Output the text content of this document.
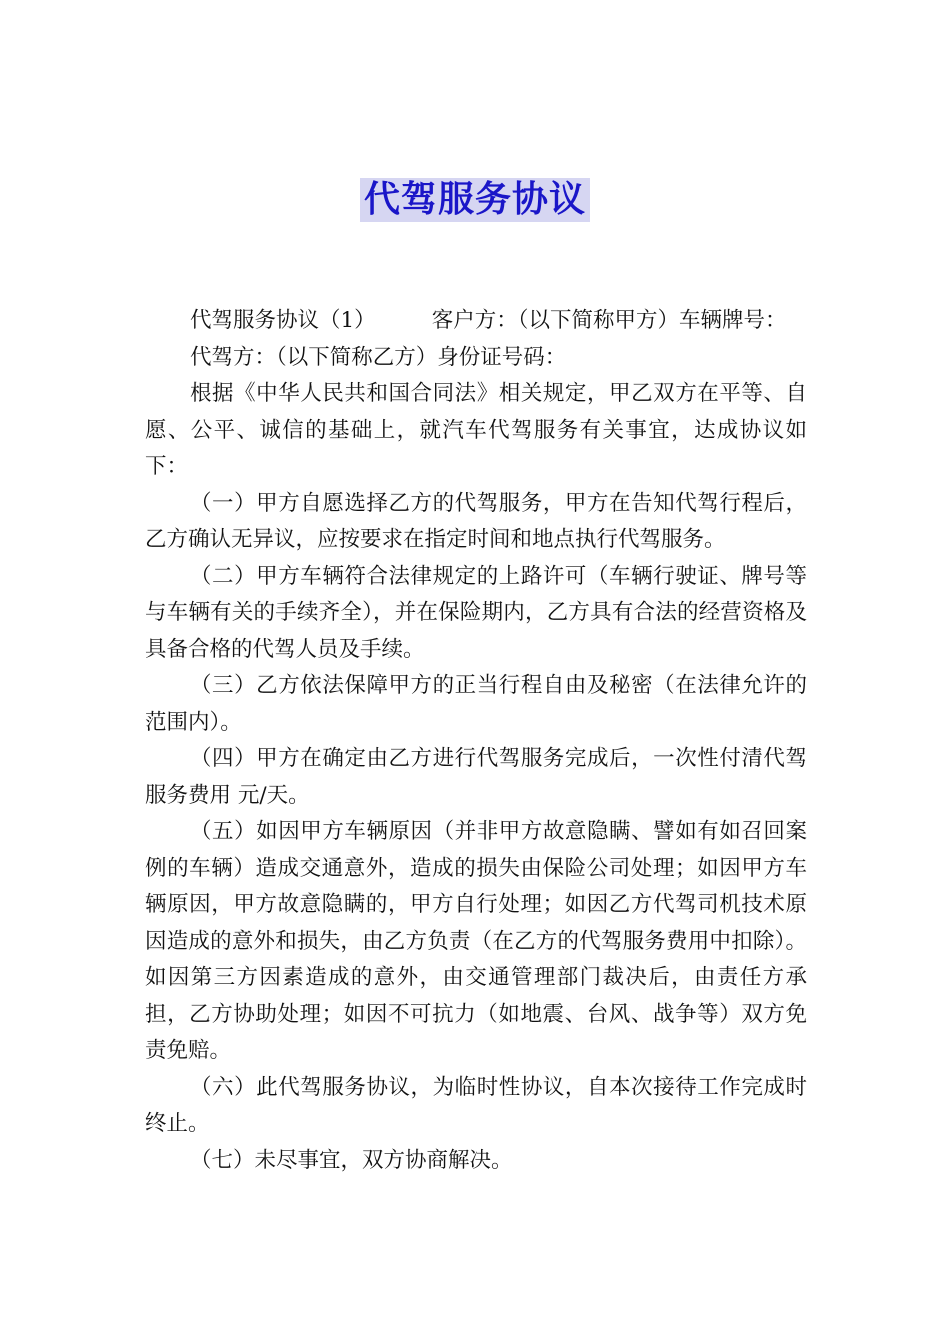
代驾服务协议

代驾服务协议（1）	客户方：（以下简称甲方）车辆牌号：

代驾方：（以下简称乙方）身份证号码：

根据《中华人民共和国合同法》相关规定，甲乙双方在平等、自愿、公平、诚信的基础上，就汽车代驾服务有关事宜，达成协议如下：

（一）甲方自愿选择乙方的代驾服务，甲方在告知代驾行程后，乙方确认无异议，应按要求在指定时间和地点执行代驾服务。

（二）甲方车辆符合法律规定的上路许可（车辆行驶证、牌号等与车辆有关的手续齐全），并在保险期内，乙方具有合法的经营资格及具备合格的代驾人员及手续。

（三）乙方依法保障甲方的正当行程自由及秘密（在法律允许的范围内）。

（四）甲方在确定由乙方进行代驾服务完成后，一次性付清代驾服务费用 元/天。

（五）如因甲方车辆原因（并非甲方故意隐瞒、譬如有如召回案例的车辆）造成交通意外，造成的损失由保险公司处理；如因甲方车辆原因，甲方故意隐瞒的，甲方自行处理；如因乙方代驾司机技术原因造成的意外和损失，由乙方负责（在乙方的代驾服务费用中扣除）。如因第三方因素造成的意外，由交通管理部门裁决后，由责任方承担，乙方协助处理；如因不可抗力（如地震、台风、战争等）双方免责免赔。

（六）此代驾服务协议，为临时性协议，自本次接待工作完成时终止。

（七）未尽事宜，双方协商解决。
